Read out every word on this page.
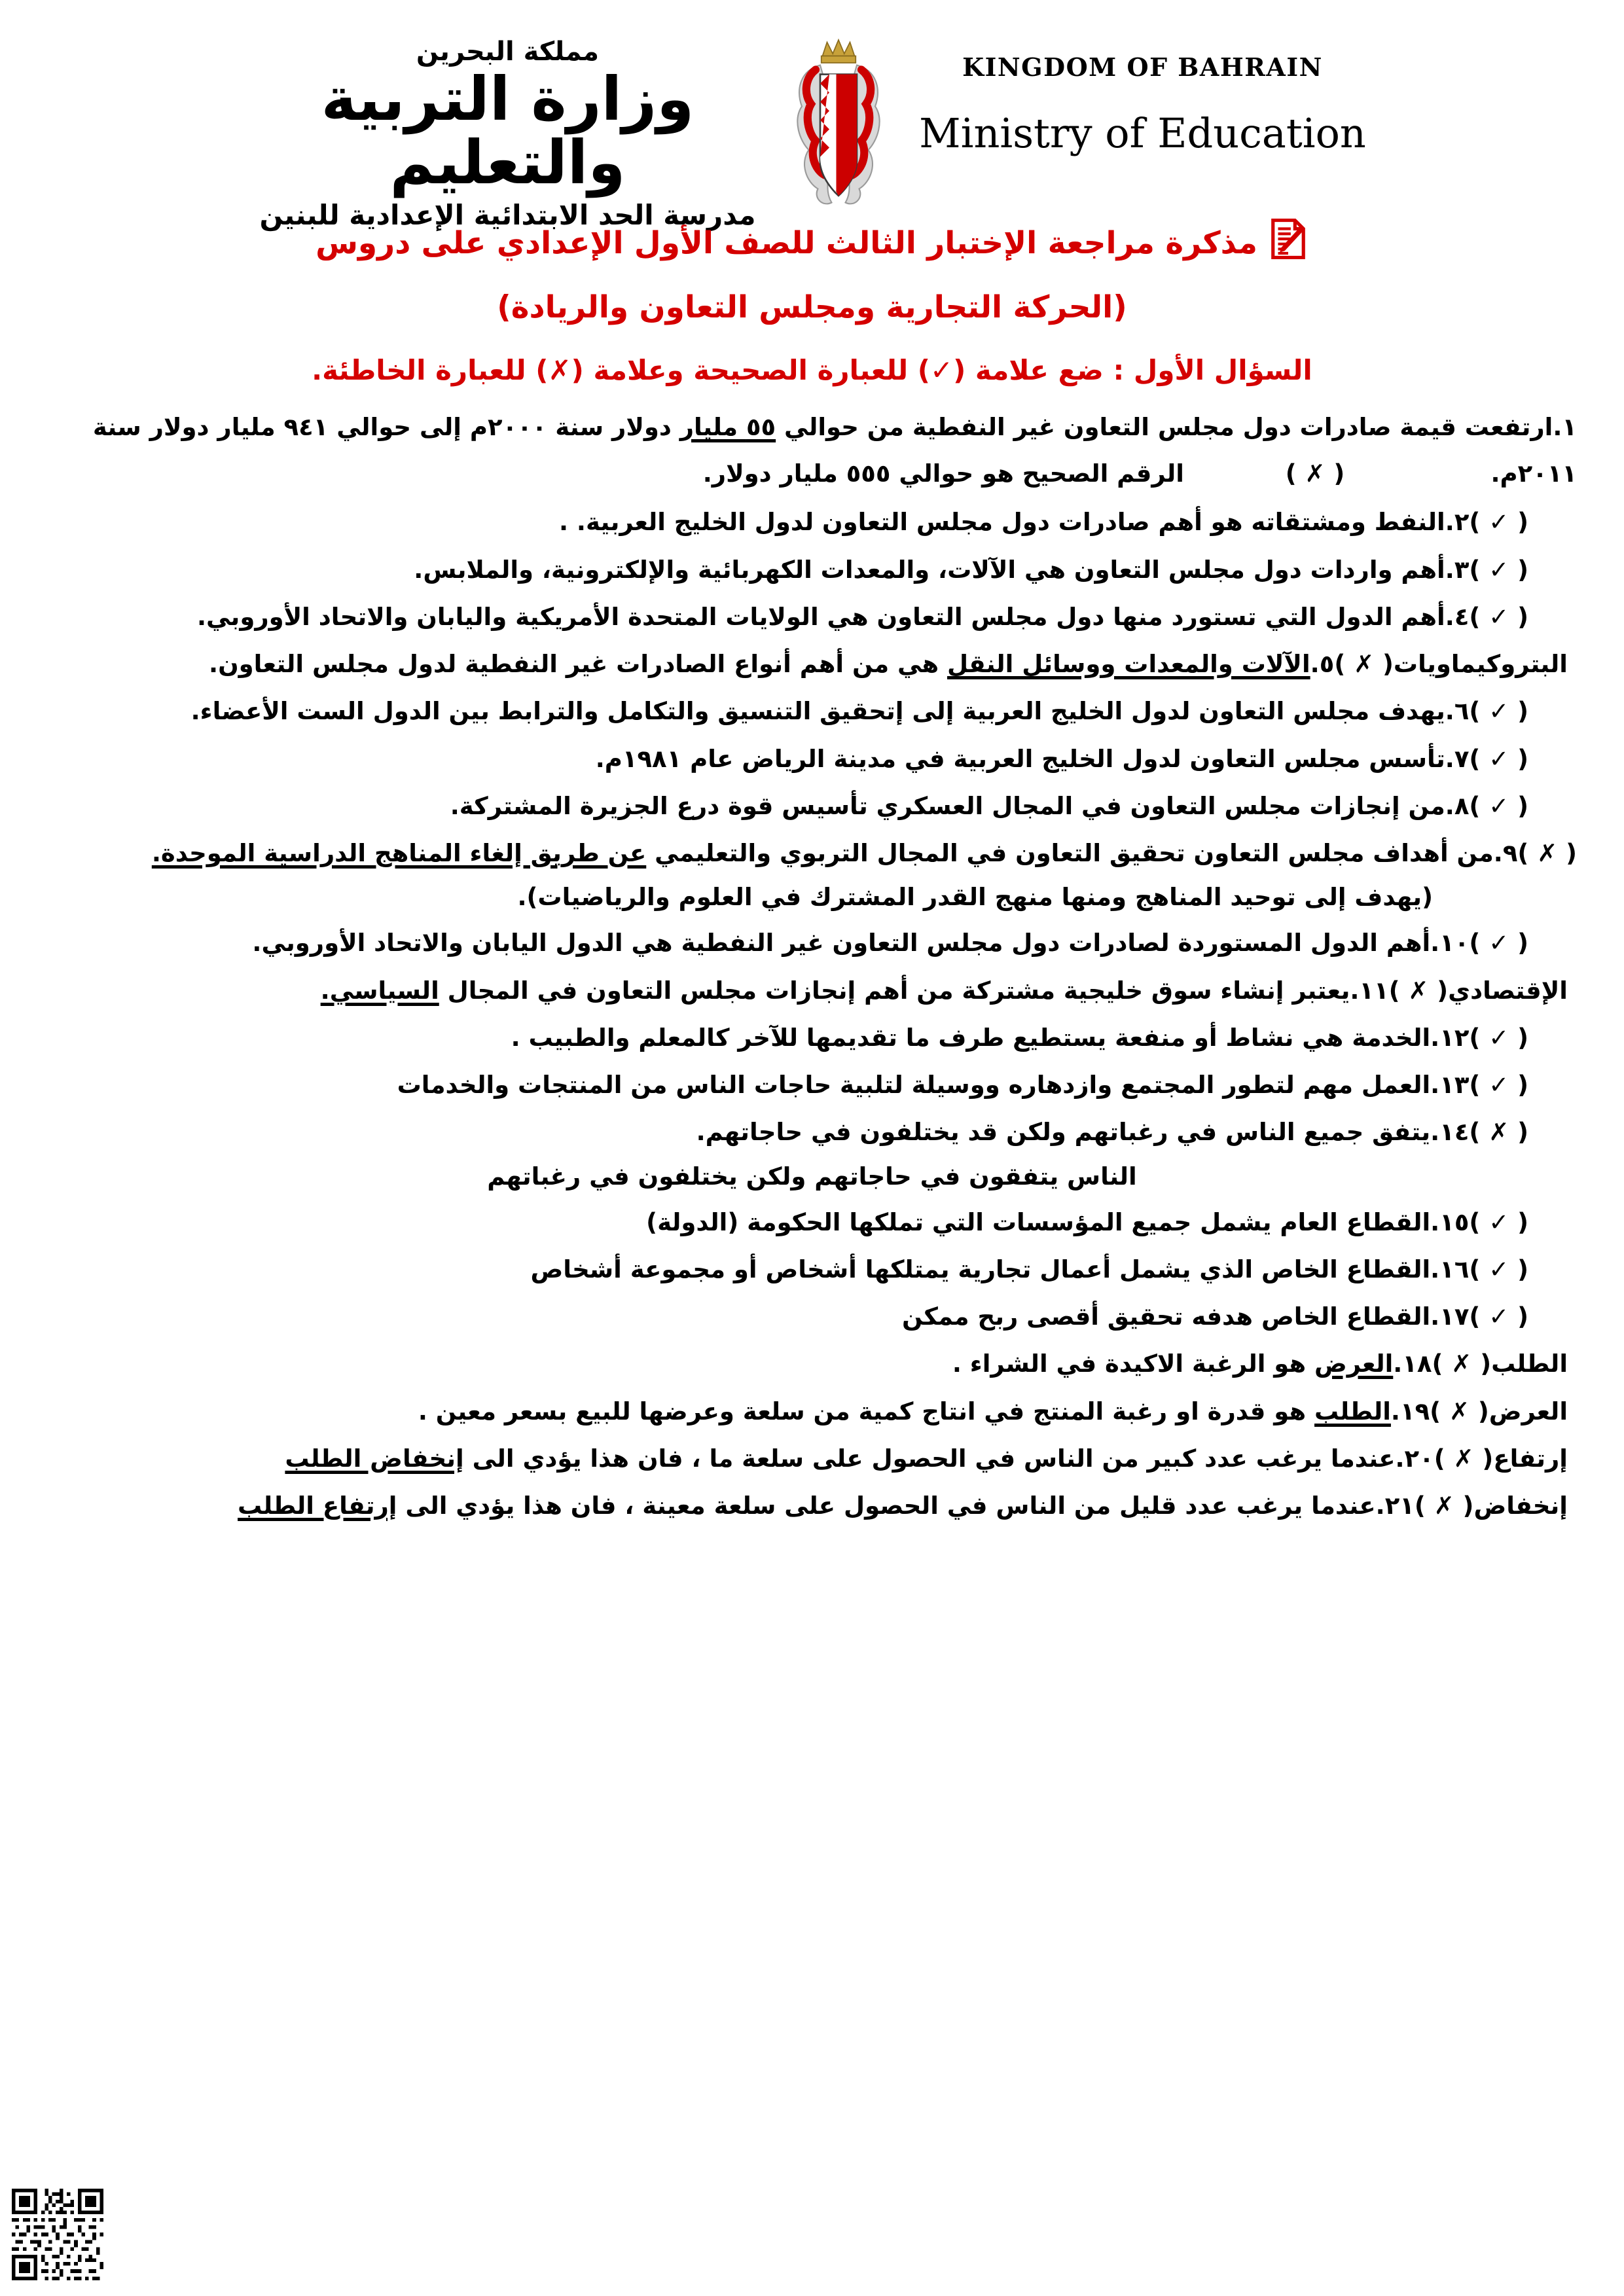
مملكة البحرين
وزارة التربية والتعليم
مدرسة الحد الابتدائية الإعدادية للبنين
KINGDOM OF BAHRAIN
Ministry of Education
مذكرة مراجعة الإختبار الثالث للصف الأول الإعدادي على دروس
(الحركة التجارية ومجلس التعاون والريادة)
السؤال الأول : ضع علامة (✓) للعبارة الصحيحة وعلامة (✗) للعبارة الخاطئة.
١.ارتفعت قيمة صادرات دول مجلس التعاون غير النفطية من حوالي ٥٥ مليار دولار سنة ٢٠٠٠م إلى حوالي ٩٤١ مليار دولار سنة
٢٠١١م.
( ✗ )
الرقم الصحيح هو حوالي ٥٥٥ مليار دولار.
( ✓ )
٢.النفط ومشتقاته هو أهم صادرات دول مجلس التعاون لدول الخليج العربية. .
( ✓ )
٣.أهم واردات دول مجلس التعاون هي الآلات، والمعدات الكهربائية والإلكترونية، والملابس.
( ✓ )
٤.أهم الدول التي تستورد منها دول مجلس التعاون هي الولايات المتحدة الأمريكية واليابان والاتحاد الأوروبي.
البتروكيماويات
( ✗ )
٥.الآلات والمعدات ووسائل النقل هي من أهم أنواع الصادرات غير النفطية لدول مجلس التعاون.
( ✓ )
٦.يهدف مجلس التعاون لدول الخليج العربية إلى إتحقيق التنسيق والتكامل والترابط بين الدول الست الأعضاء.
( ✓ )
٧.تأسس مجلس التعاون لدول الخليج العربية في مدينة الرياض عام ١٩٨١م.
( ✓ )
٨.من إنجازات مجلس التعاون في المجال العسكري تأسيس قوة درع الجزيرة المشتركة.
( ✗ )
٩.من أهداف مجلس التعاون تحقيق التعاون في المجال التربوي والتعليمي عن طريق إلغاء المناهج الدراسية الموحدة.
(يهدف إلى توحيد المناهج ومنها منهج القدر المشترك في العلوم والرياضيات).
( ✓ )
١٠.أهم الدول المستوردة لصادرات دول مجلس التعاون غير النفطية هي الدول اليابان والاتحاد الأوروبي.
الإقتصادي
( ✗ )
١١.يعتبر إنشاء سوق خليجية مشتركة من أهم إنجازات مجلس التعاون في المجال السياسي.
( ✓ )
١٢.الخدمة هي نشاط أو منفعة يستطيع طرف ما تقديمها للآخر كالمعلم والطبيب .
( ✓ )
١٣.العمل مهم لتطور المجتمع وازدهاره ووسيلة لتلبية حاجات الناس من المنتجات والخدمات
( ✗ )
١٤.يتفق جميع الناس في رغباتهم ولكن قد يختلفون في حاجاتهم.
الناس يتفقون في حاجاتهم ولكن يختلفون في رغباتهم
( ✓ )
١٥.القطاع العام يشمل جميع المؤسسات التي تملكها الحكومة (الدولة)
( ✓ )
١٦.القطاع الخاص الذي يشمل أعمال تجارية يمتلكها أشخاص أو مجموعة أشخاص
( ✓ )
١٧.القطاع الخاص هدفه تحقيق أقصى ربح ممكن
الطلب
( ✗ )
١٨.العرض هو الرغبة الاكيدة في الشراء .
العرض
( ✗ )
١٩.الطلب هو قدرة او رغبة المنتج في انتاج كمية من سلعة وعرضها للبيع بسعر معين .
إرتفاع
( ✗ )
٢٠.عندما يرغب عدد كبير من الناس في الحصول على سلعة ما ، فان هذا يؤدي الى إنخفاض الطلب
إنخفاض
( ✗ )
٢١.عندما يرغب عدد قليل من الناس في الحصول على سلعة معينة ، فان هذا يؤدي الى إرتفاع الطلب
